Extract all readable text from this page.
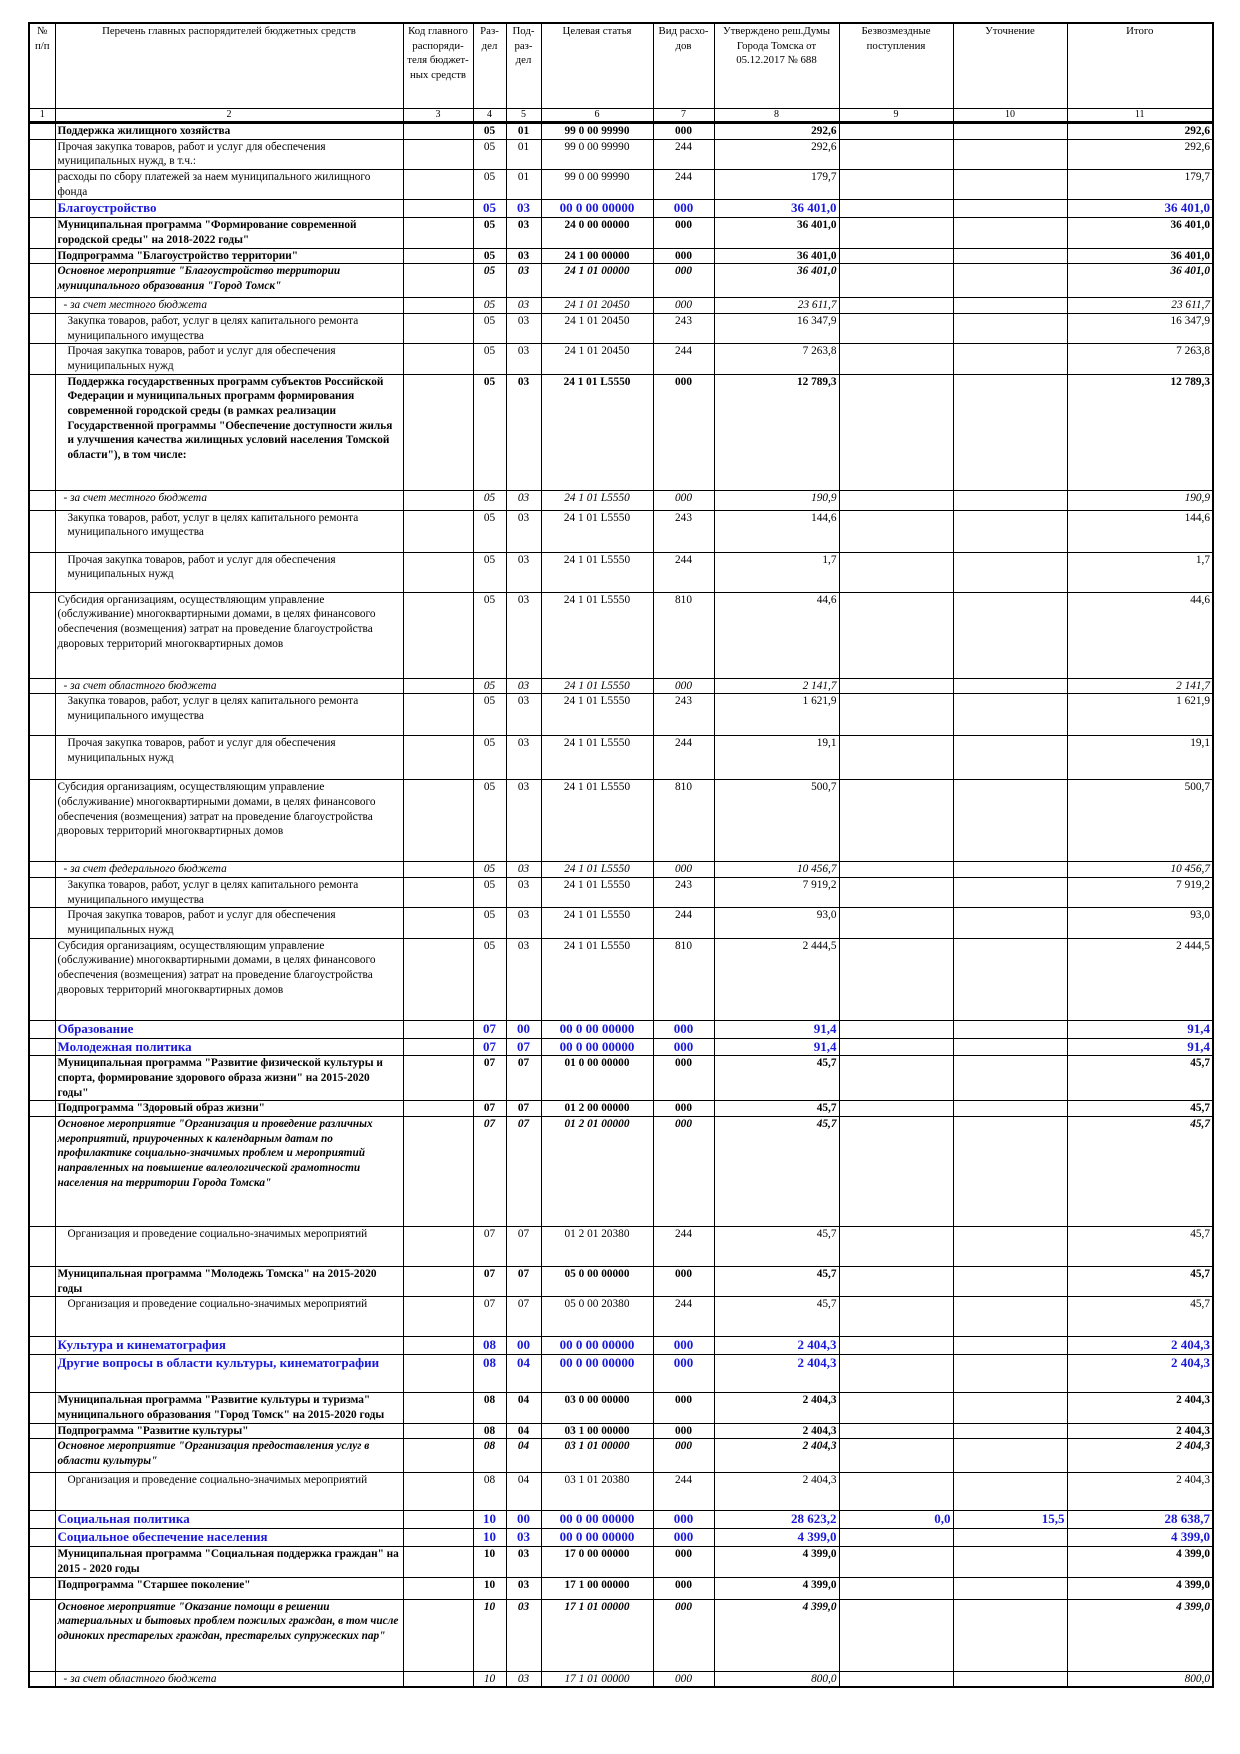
№ п/п	Перечень главных распорядителей бюджетных средств	Код главного распоряди-теля бюджет-ных средств	Раз-дел	Под-раз-дел	Целевая статья	Вид расхо-дов	Утверждено реш.Думы Города Томска от 05.12.2017 № 688	Безвозмездные поступления	Уточнение	Итого
1	2	3	4	5	6	7	8	9	10	11
	Поддержка жилищного хозяйства		05	01	99 0 00 99990	000	292,6			292,6
	Прочая закупка товаров, работ и услуг для обеспечения муниципальных нужд, в т.ч.:		05	01	99 0 00 99990	244	292,6			292,6
	расходы по сбору платежей за наем муниципального жилищного фонда		05	01	99 0 00 99990	244	179,7			179,7
	Благоустройство		05	03	00 0 00 00000	000	36 401,0			36 401,0
	Муниципальная программа "Формирование современной городской среды" на 2018-2022 годы"		05	03	24 0 00 00000	000	36 401,0			36 401,0
	Подпрограмма "Благоустройство территории"		05	03	24 1 00 00000	000	36 401,0			36 401,0
	Основное мероприятие "Благоустройство территории муниципального образования "Город Томск"		05	03	24 1 01 00000	000	36 401,0			36 401,0
	- за счет местного бюджета		05	03	24 1 01 20450	000	23 611,7			23 611,7
	Закупка товаров, работ, услуг в целях капитального ремонта муниципального имущества		05	03	24 1 01 20450	243	16 347,9			16 347,9
	Прочая закупка товаров, работ и услуг для обеспечения муниципальных нужд		05	03	24 1 01 20450	244	7 263,8			7 263,8
	Поддержка государственных программ субъектов Российской Федерации и муниципальных программ формирования современной городской среды (в рамках реализации Государственной программы "Обеспечение доступности жилья и улучшения качества жилищных условий населения Томской области"), в том числе:		05	03	24 1 01 L5550	000	12 789,3			12 789,3
	- за счет местного бюджета		05	03	24 1 01 L5550	000	190,9			190,9
	Закупка товаров, работ, услуг в целях капитального ремонта муниципального имущества		05	03	24 1 01 L5550	243	144,6			144,6
	Прочая закупка товаров, работ и услуг для обеспечения муниципальных нужд		05	03	24 1 01 L5550	244	1,7			1,7
	Субсидия организациям, осуществляющим управление (обслуживание) многоквартирными домами, в целях финансового обеспечения (возмещения) затрат на проведение благоустройства дворовых территорий многоквартирных домов		05	03	24 1 01 L5550	810	44,6			44,6
	- за счет областного бюджета		05	03	24 1 01 L5550	000	2 141,7			2 141,7
	Закупка товаров, работ, услуг в целях капитального ремонта муниципального имущества		05	03	24 1 01 L5550	243	1 621,9			1 621,9
	Прочая закупка товаров, работ и услуг для обеспечения муниципальных нужд		05	03	24 1 01 L5550	244	19,1			19,1
	Субсидия организациям, осуществляющим управление (обслуживание) многоквартирными домами, в целях финансового обеспечения (возмещения) затрат на проведение благоустройства дворовых территорий многоквартирных домов		05	03	24 1 01 L5550	810	500,7			500,7
	- за счет федерального бюджета		05	03	24 1 01 L5550	000	10 456,7			10 456,7
	Закупка товаров, работ, услуг в целях капитального ремонта муниципального имущества		05	03	24 1 01 L5550	243	7 919,2			7 919,2
	Прочая закупка товаров, работ и услуг для обеспечения муниципальных нужд		05	03	24 1 01 L5550	244	93,0			93,0
	Субсидия организациям, осуществляющим управление (обслуживание) многоквартирными домами, в целях финансового обеспечения (возмещения) затрат на проведение благоустройства дворовых территорий многоквартирных домов		05	03	24 1 01 L5550	810	2 444,5			2 444,5
	Образование		07	00	00 0 00 00000	000	91,4			91,4
	Молодежная политика		07	07	00 0 00 00000	000	91,4			91,4
	Муниципальная программа "Развитие физической культуры и спорта, формирование здорового образа жизни" на 2015-2020 годы"		07	07	01 0 00 00000	000	45,7			45,7
	Подпрограмма "Здоровый образ жизни"		07	07	01 2 00 00000	000	45,7			45,7
	Основное мероприятие "Организация и проведение различных мероприятий, приуроченных к календарным датам по профилактике социально-значимых проблем и мероприятий направленных на повышение валеологической грамотности населения на территории Города Томска"		07	07	01 2 01 00000	000	45,7			45,7
	Организация и проведение социально-значимых мероприятий		07	07	01 2 01 20380	244	45,7			45,7
	Муниципальная программа "Молодежь Томска" на 2015-2020 годы		07	07	05 0 00 00000	000	45,7			45,7
	Организация и проведение социально-значимых мероприятий		07	07	05 0 00 20380	244	45,7			45,7
	Культура и кинематография		08	00	00 0 00 00000	000	2 404,3			2 404,3
	Другие вопросы в области культуры, кинематографии		08	04	00 0 00 00000	000	2 404,3			2 404,3
	Муниципальная программа "Развитие культуры и туризма" муниципального образования "Город Томск" на 2015-2020 годы		08	04	03 0 00 00000	000	2 404,3			2 404,3
	Подпрограмма "Развитие культуры"		08	04	03 1 00 00000	000	2 404,3			2 404,3
	Основное мероприятие "Организация предоставления услуг в области культуры"		08	04	03 1 01 00000	000	2 404,3			2 404,3
	Организация и проведение социально-значимых мероприятий		08	04	03 1 01 20380	244	2 404,3			2 404,3
	Социальная политика		10	00	00 0 00 00000	000	28 623,2	0,0	15,5	28 638,7
	Социальное обеспечение населения		10	03	00 0 00 00000	000	4 399,0			4 399,0
	Муниципальная программа "Социальная поддержка граждан" на 2015 - 2020 годы		10	03	17 0 00 00000	000	4 399,0			4 399,0
	Подпрограмма "Старшее поколение"		10	03	17 1 00 00000	000	4 399,0			4 399,0
	Основное мероприятие "Оказание помощи в решении материальных и бытовых проблем пожилых граждан, в том числе одиноких престарелых граждан, престарелых супружеских пар"		10	03	17 1 01 00000	000	4 399,0			4 399,0
	- за счет областного бюджета		10	03	17 1 01 00000	000	800,0			800,0
